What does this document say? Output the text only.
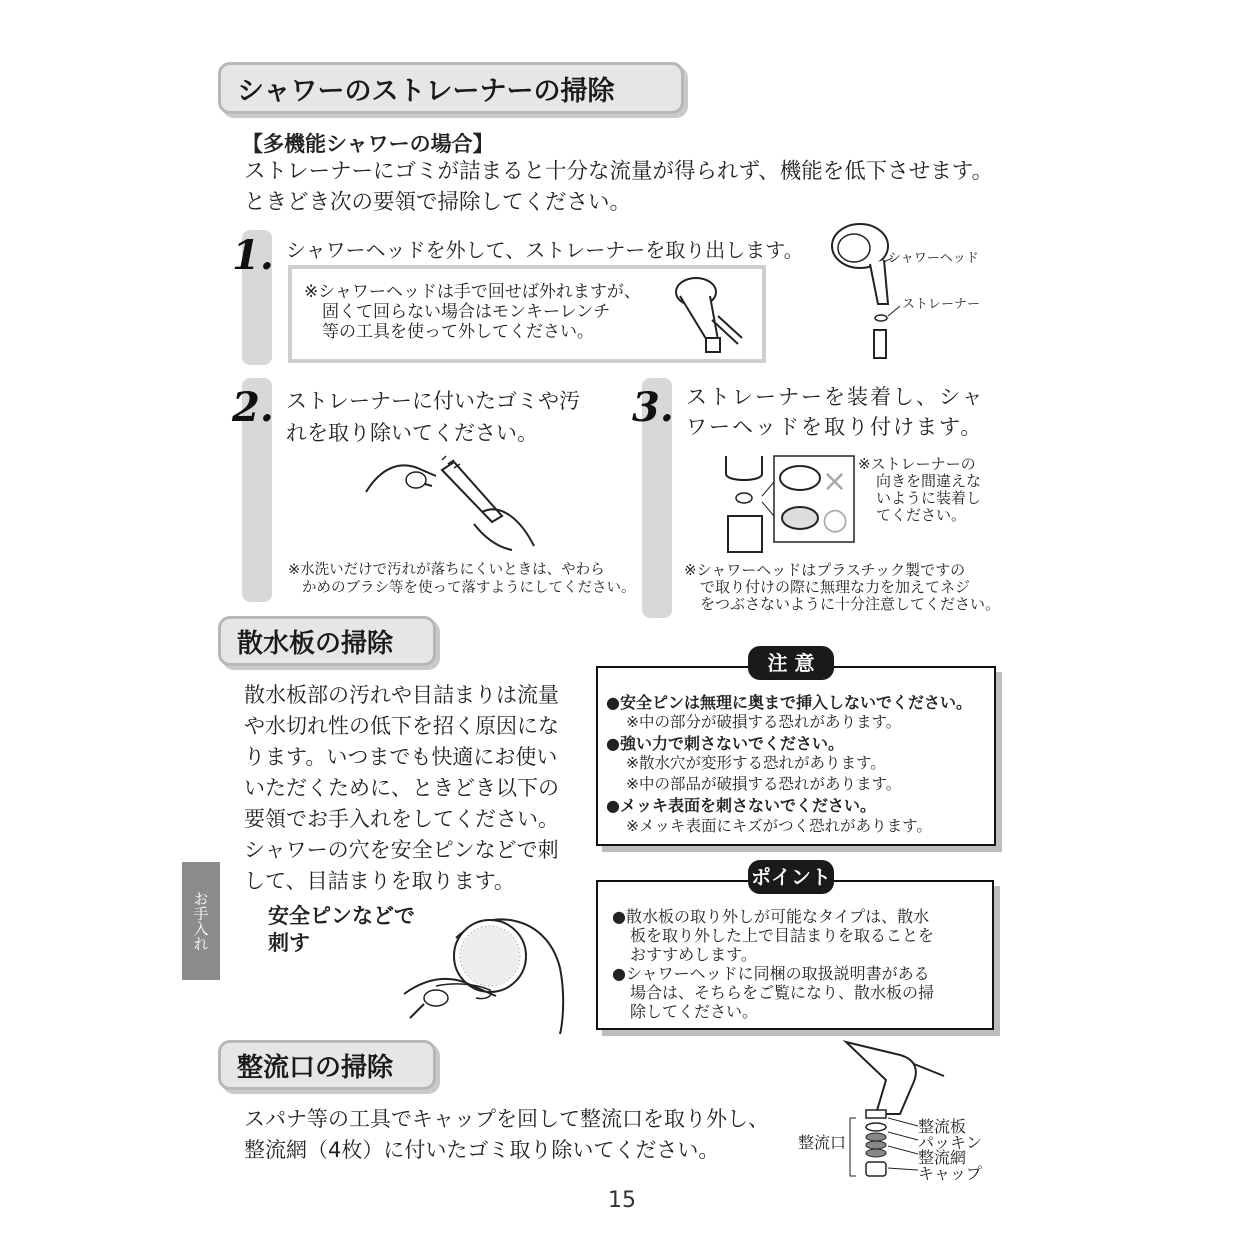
シャワーのストレーナーの掃除
【多機能シャワーの場合】
ストレーナーにゴミが詰まると十分な流量が得られず、機能を低下させます。
ときどき次の要領で掃除してください。
1. シャワーヘッドを外して、ストレーナーを取り出します。
※シャワーヘッドは手で回せば外れますが、
固くて回らない場合はモンキーレンチ
等の工具を使って外してください。
シャワーヘッド
ストレーナー
2. ストレーナーに付いたゴミや汚
れを取り除いてください。
※水洗いだけで汚れが落ちにくいときは、やわら
かめのブラシ等を使って落すようにしてください。
3. ストレーナーを装着し、シャ
ワーヘッドを取り付けます。
×
○
※ストレーナーの
向きを間違えな
いように装着し
てください。
※シャワーヘッドはプラスチック製ですの
で取り付けの際に無理な力を加えてネジ
をつぶさないように十分注意してください。
散水板の掃除
散水板部の汚れや目詰まりは流量
や水切れ性の低下を招く原因にな
ります。いつまでも快適にお使い
いただくために、ときどき以下の
要領でお手入れをしてください。
シャワーの穴を安全ピンなどで刺
して、目詰まりを取ります。
安全ピンなどで
刺す
注 意
●安全ピンは無理に奥まで挿入しないでください。
※中の部分が破損する恐れがあります。
●強い力で刺さないでください。
※散水穴が変形する恐れがあります。
※中の部品が破損する恐れがあります。
●メッキ表面を刺さないでください。
※メッキ表面にキズがつく恐れがあります。
ポイント
●散水板の取り外しが可能なタイプは、散水
板を取り外した上で目詰まりを取ることを
おすすめします。
●シャワーヘッドに同梱の取扱説明書がある
場合は、そちらをご覧になり、散水板の掃
除してください。
お手入れ
整流口の掃除
スパナ等の工具でキャップを回して整流口を取り外し、
整流網（4枚）に付いたゴミ取り除いてください。	整流口
整流板
パッキン
整流網
キャップ
15
